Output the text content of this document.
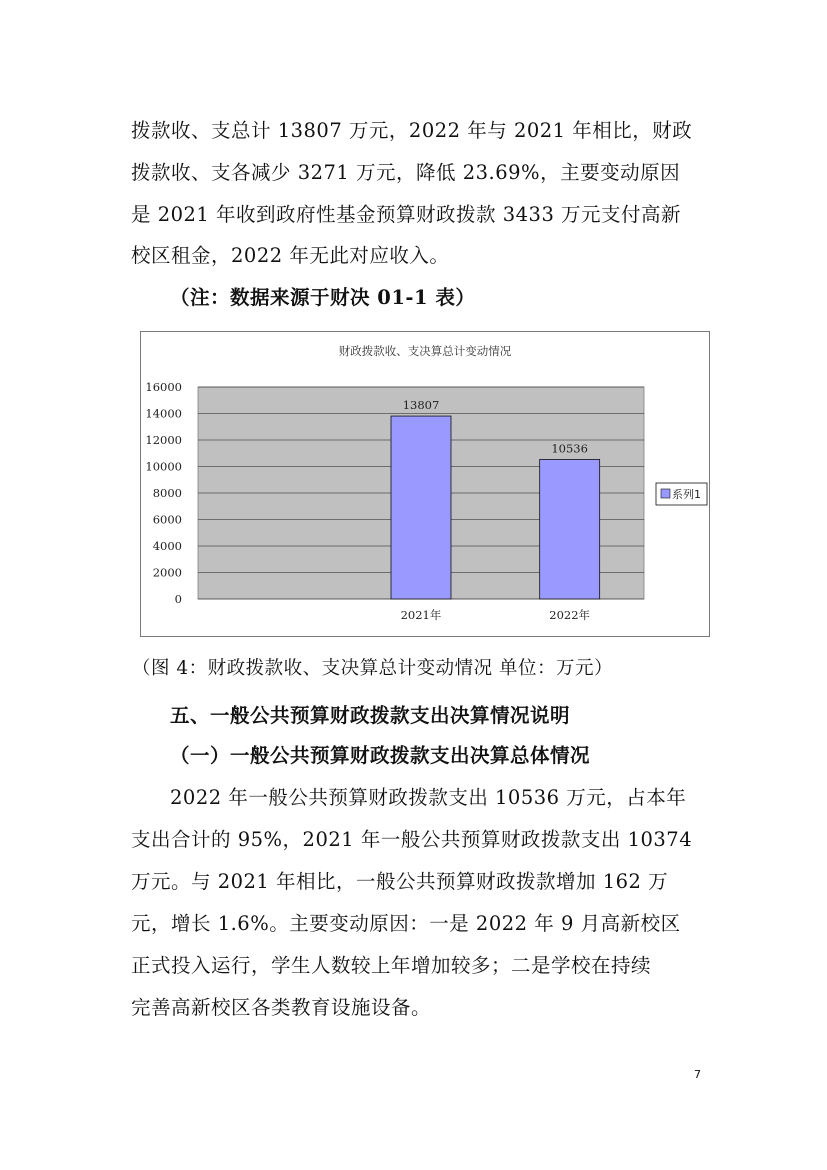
拨款收、支总计 13807 万元，2022 年与 2021 年相比，财政
拨款收、支各减少 3271 万元，降低 23.69%，主要变动原因
是 2021 年收到政府性基金预算财政拨款 3433 万元支付高新
校区租金，2022 年无此对应收入。
（注：数据来源于财决 01-1 表）
财政拨款收、支决算总计变动情况
16000
14000
12000
10000
8000
6000
4000
2000
0
13807
2021年
10536
2022年
系列1
（图 4：财政拨款收、支决算总计变动情况 单位：万元）
五、一般公共预算财政拨款支出决算情况说明
（一）一般公共预算财政拨款支出决算总体情况
2022 年一般公共预算财政拨款支出 10536 万元，占本年
支出合计的 95%，2021 年一般公共预算财政拨款支出 10374
万元。与 2021 年相比，一般公共预算财政拨款增加 162 万
元，增长 1.6%。主要变动原因：一是 2022 年 9 月高新校区
正式投入运行，学生人数较上年增加较多；二是学校在持续
完善高新校区各类教育设施设备。
7
